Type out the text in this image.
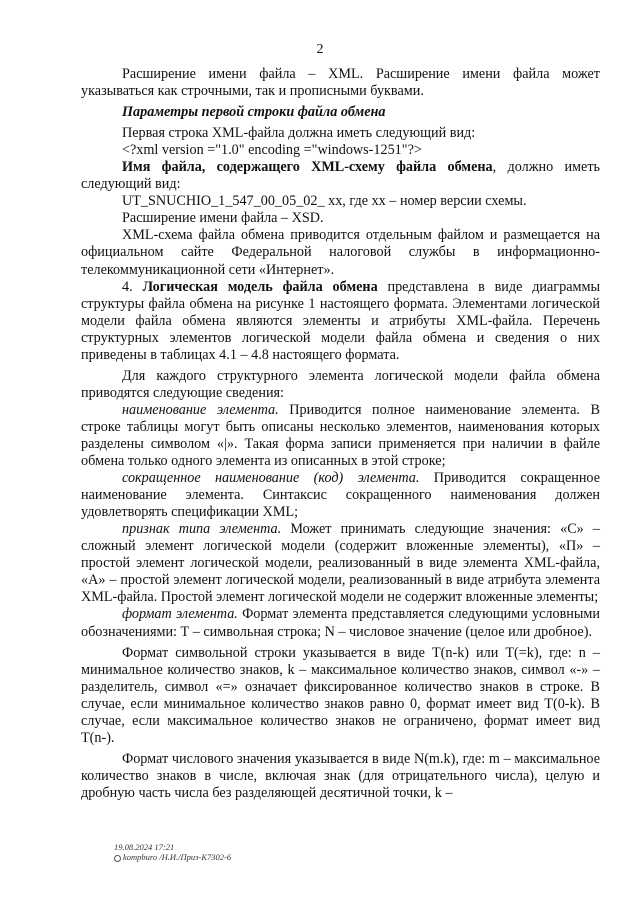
2

Расширение имени файла – XML. Расширение имени файла может указываться как строчными, так и прописными буквами.

Параметры первой строки файла обмена

Первая строка XML-файла должна иметь следующий вид:

<?xml version ="1.0" encoding ="windows-1251"?>

Имя файла, содержащего XML-схему файла обмена, должно иметь следующий вид:

UT_SNUCHIO_1_547_00_05_02_ хх, где хх – номер версии схемы.

Расширение имени файла – XSD.

XML-схема файла обмена приводится отдельным файлом и размещается на официальном сайте Федеральной налоговой службы в информационно-телекоммуникационной сети «Интернет».

4. Логическая модель файла обмена представлена в виде диаграммы структуры файла обмена на рисунке 1 настоящего формата. Элементами логической модели файла обмена являются элементы и атрибуты XML-файла. Перечень структурных элементов логической модели файла обмена и сведения о них приведены в таблицах 4.1 – 4.8 настоящего формата.

Для каждого структурного элемента логической модели файла обмена приводятся следующие сведения:

наименование элемента. Приводится полное наименование элемента. В строке таблицы могут быть описаны несколько элементов, наименования которых разделены символом «|». Такая форма записи применяется при наличии в файле обмена только одного элемента из описанных в этой строке;

сокращенное наименование (код) элемента. Приводится сокращенное наименование элемента. Синтаксис сокращенного наименования должен удовлетворять спецификации XML;

признак типа элемента. Может принимать следующие значения: «С» – сложный элемент логической модели (содержит вложенные элементы), «П» – простой элемент логической модели, реализованный в виде элемента XML-файла, «А» – простой элемент логической модели, реализованный в виде атрибута элемента XML-файла. Простой элемент логической модели не содержит вложенные элементы;

формат элемента. Формат элемента представляется следующими условными обозначениями: Т – символьная строка; N – числовое значение (целое или дробное).

Формат символьной строки указывается в виде Т(n-k) или Т(=k), где: n – минимальное количество знаков, k – максимальное количество знаков, символ «-» – разделитель, символ «=» означает фиксированное количество знаков в строке. В случае, если минимальное количество знаков равно 0, формат имеет вид Т(0-k). В случае, если максимальное количество знаков не ограничено, формат имеет вид Т(n-).

Формат числового значения указывается в виде N(m.k), где: m – максимальное количество знаков в числе, включая знак (для отрицательного числа), целую и дробную часть числа без разделяющей десятичной точки, k –

19.08.2024 17:21
kompburo /Н.И./Приз-К7302-6
